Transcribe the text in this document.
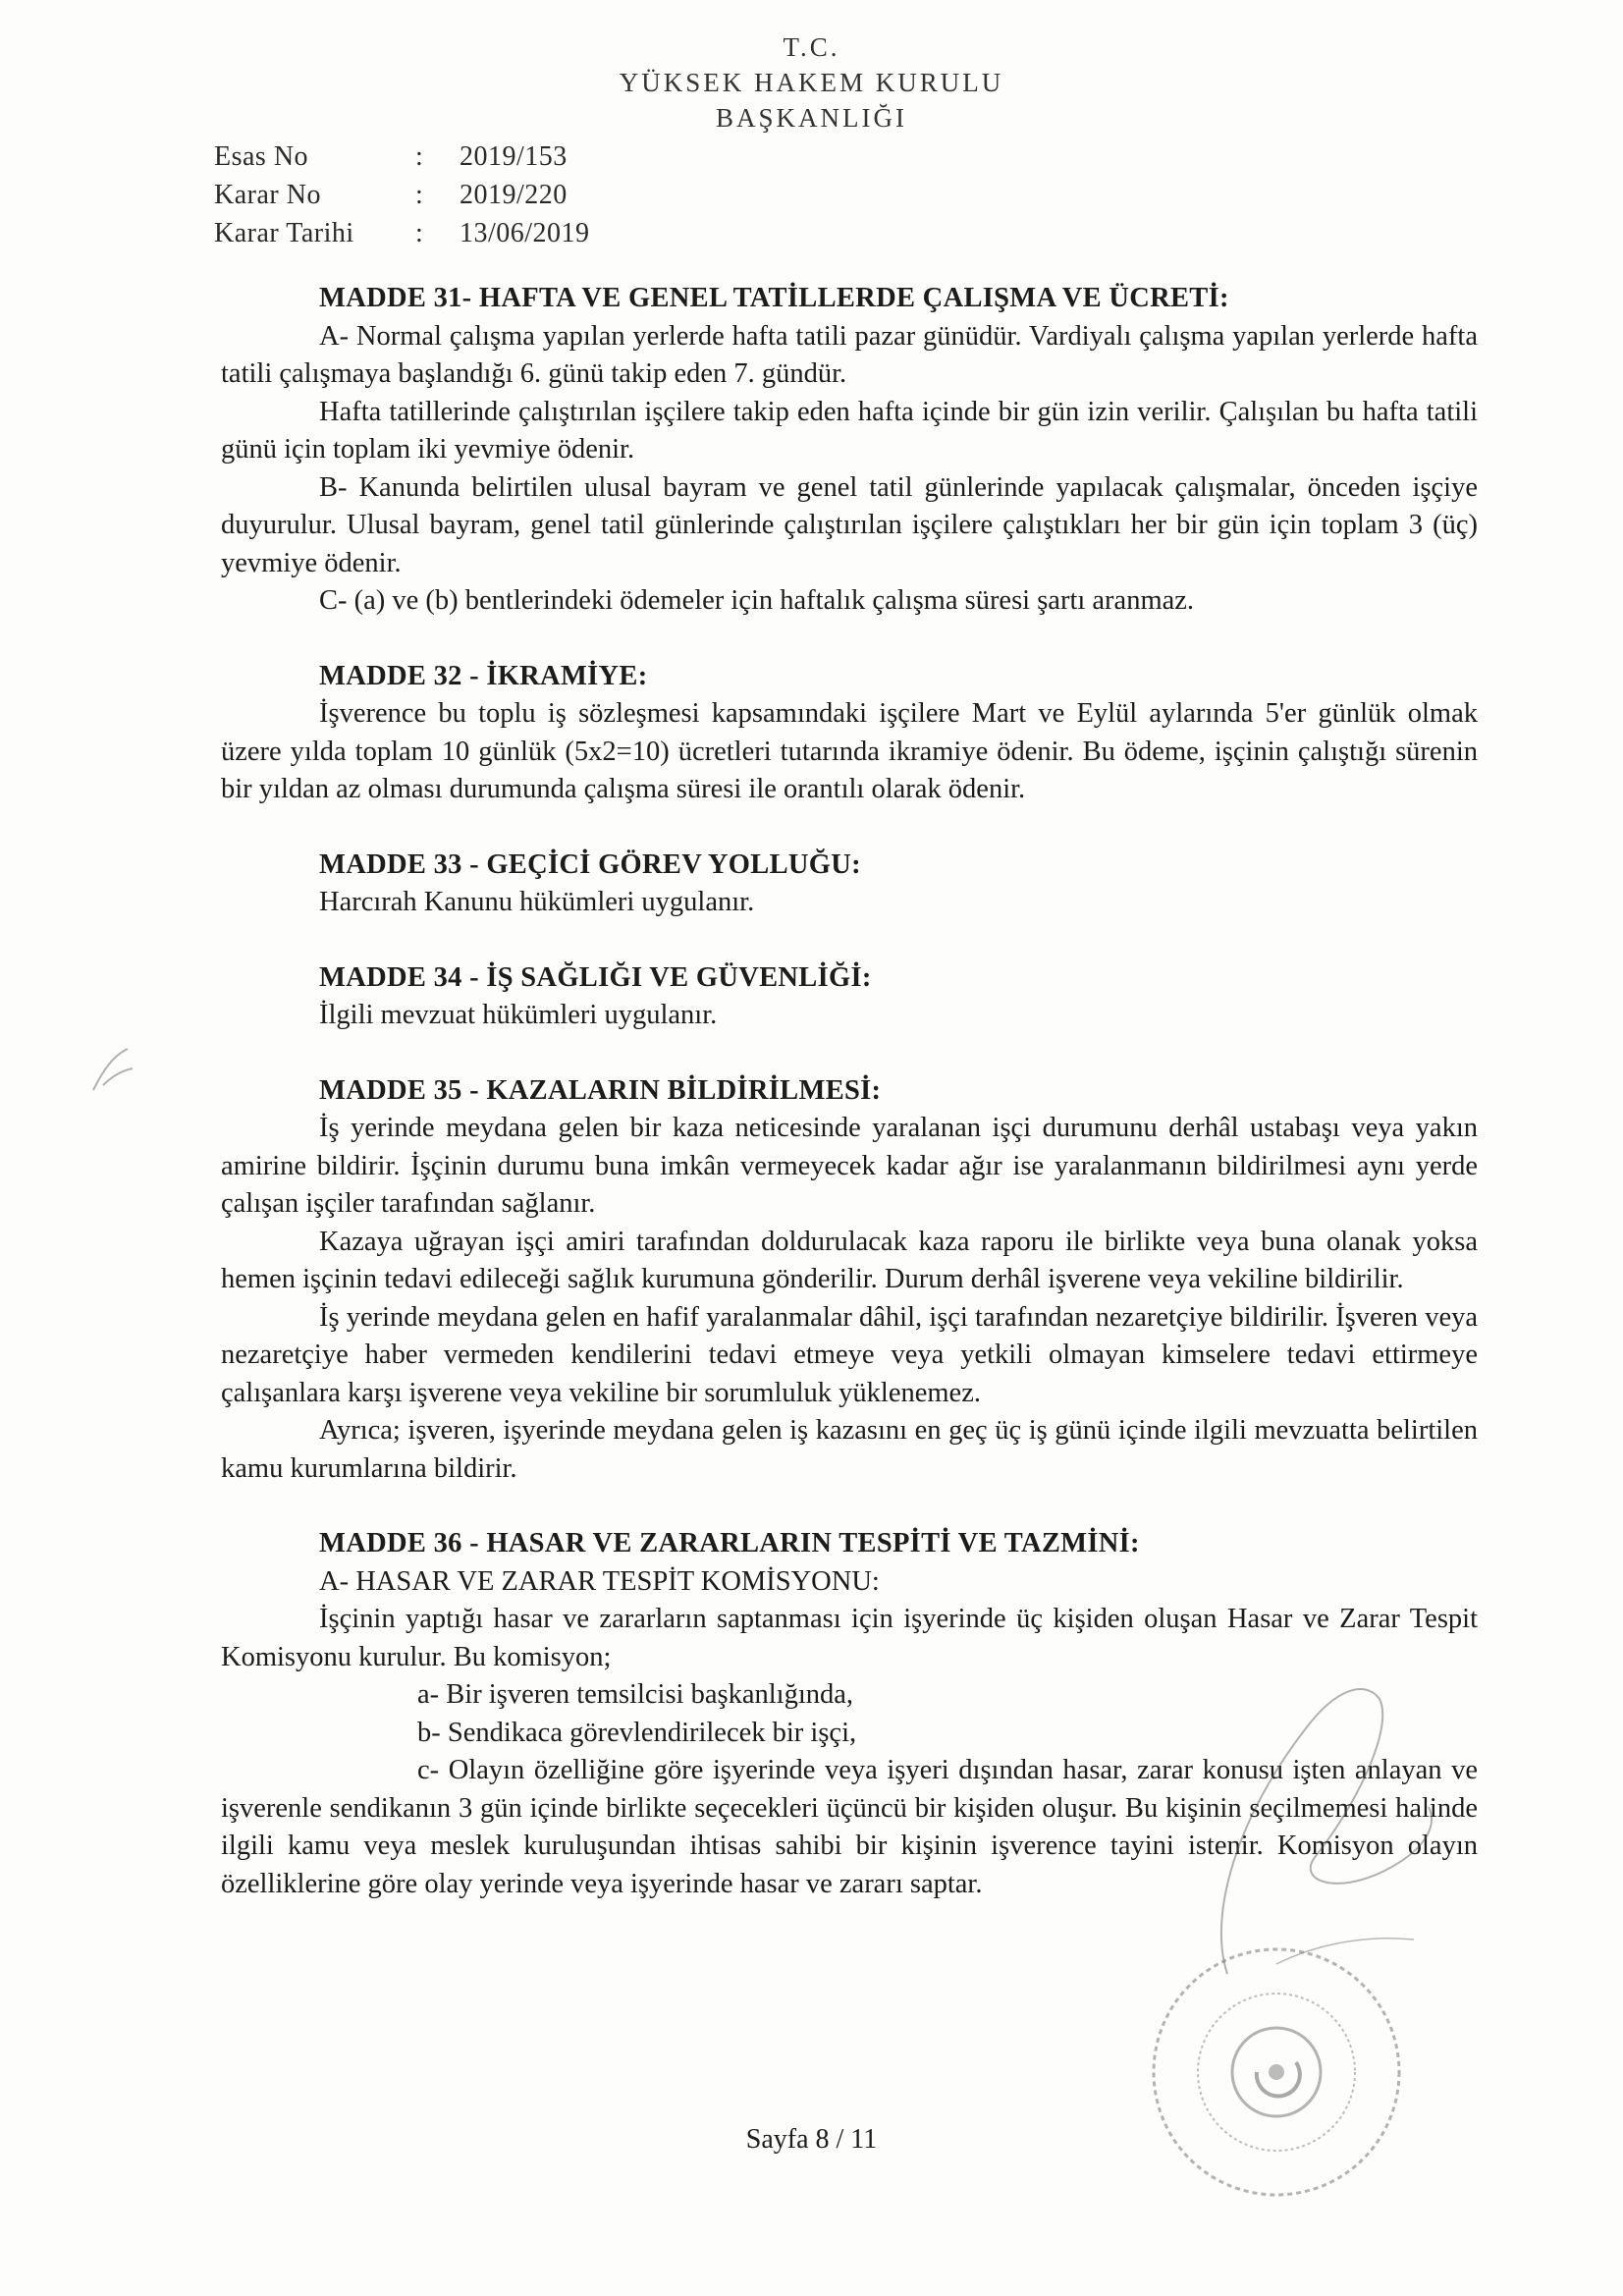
T.C.
YÜKSEK HAKEM KURULU
BAŞKANLIĞI
Esas No	:	2019/153
Karar No	:	2019/220
Karar Tarihi	:	13/06/2019

MADDE 31- HAFTA VE GENEL TATİLLERDE ÇALIŞMA VE ÜCRETİ:

A- Normal çalışma yapılan yerlerde hafta tatili pazar günüdür. Vardiyalı çalışma yapılan yerlerde hafta tatili çalışmaya başlandığı 6. günü takip eden 7. gündür.

Hafta tatillerinde çalıştırılan işçilere takip eden hafta içinde bir gün izin verilir. Çalışılan bu hafta tatili günü için toplam iki yevmiye ödenir.

B- Kanunda belirtilen ulusal bayram ve genel tatil günlerinde yapılacak çalışmalar, önceden işçiye duyurulur. Ulusal bayram, genel tatil günlerinde çalıştırılan işçilere çalıştıkları her bir gün için toplam 3 (üç) yevmiye ödenir.

C- (a) ve (b) bentlerindeki ödemeler için haftalık çalışma süresi şartı aranmaz.

MADDE 32 - İKRAMİYE:

İşverence bu toplu iş sözleşmesi kapsamındaki işçilere Mart ve Eylül aylarında 5'er günlük olmak üzere yılda toplam 10 günlük (5x2=10) ücretleri tutarında ikramiye ödenir. Bu ödeme, işçinin çalıştığı sürenin bir yıldan az olması durumunda çalışma süresi ile orantılı olarak ödenir.

MADDE 33 - GEÇİCİ GÖREV YOLLUĞU:

Harcırah Kanunu hükümleri uygulanır.

MADDE 34 - İŞ SAĞLIĞI VE GÜVENLİĞİ:

İlgili mevzuat hükümleri uygulanır.

MADDE 35 - KAZALARIN BİLDİRİLMESİ:

İş yerinde meydana gelen bir kaza neticesinde yaralanan işçi durumunu derhâl ustabaşı veya yakın amirine bildirir. İşçinin durumu buna imkân vermeyecek kadar ağır ise yaralanmanın bildirilmesi aynı yerde çalışan işçiler tarafından sağlanır.

Kazaya uğrayan işçi amiri tarafından doldurulacak kaza raporu ile birlikte veya buna olanak yoksa hemen işçinin tedavi edileceği sağlık kurumuna gönderilir. Durum derhâl işverene veya vekiline bildirilir.

İş yerinde meydana gelen en hafif yaralanmalar dâhil, işçi tarafından nezaretçiye bildirilir. İşveren veya nezaretçiye haber vermeden kendilerini tedavi etmeye veya yetkili olmayan kimselere tedavi ettirmeye çalışanlara karşı işverene veya vekiline bir sorumluluk yüklenemez.

Ayrıca; işveren, işyerinde meydana gelen iş kazasını en geç üç iş günü içinde ilgili mevzuatta belirtilen kamu kurumlarına bildirir.

MADDE 36 - HASAR VE ZARARLARIN TESPİTİ VE TAZMİNİ:

A- HASAR VE ZARAR TESPİT KOMİSYONU:

İşçinin yaptığı hasar ve zararların saptanması için işyerinde üç kişiden oluşan Hasar ve Zarar Tespit Komisyonu kurulur. Bu komisyon;

a- Bir işveren temsilcisi başkanlığında,

b- Sendikaca görevlendirilecek bir işçi,

c- Olayın özelliğine göre işyerinde veya işyeri dışından hasar, zarar konusu işten anlayan ve işverenle sendikanın 3 gün içinde birlikte seçecekleri üçüncü bir kişiden oluşur. Bu kişinin seçilmemesi halinde ilgili kamu veya meslek kuruluşundan ihtisas sahibi bir kişinin işverence tayini istenir. Komisyon olayın özelliklerine göre olay yerinde veya işyerinde hasar ve zararı saptar.

Sayfa 8 / 11
